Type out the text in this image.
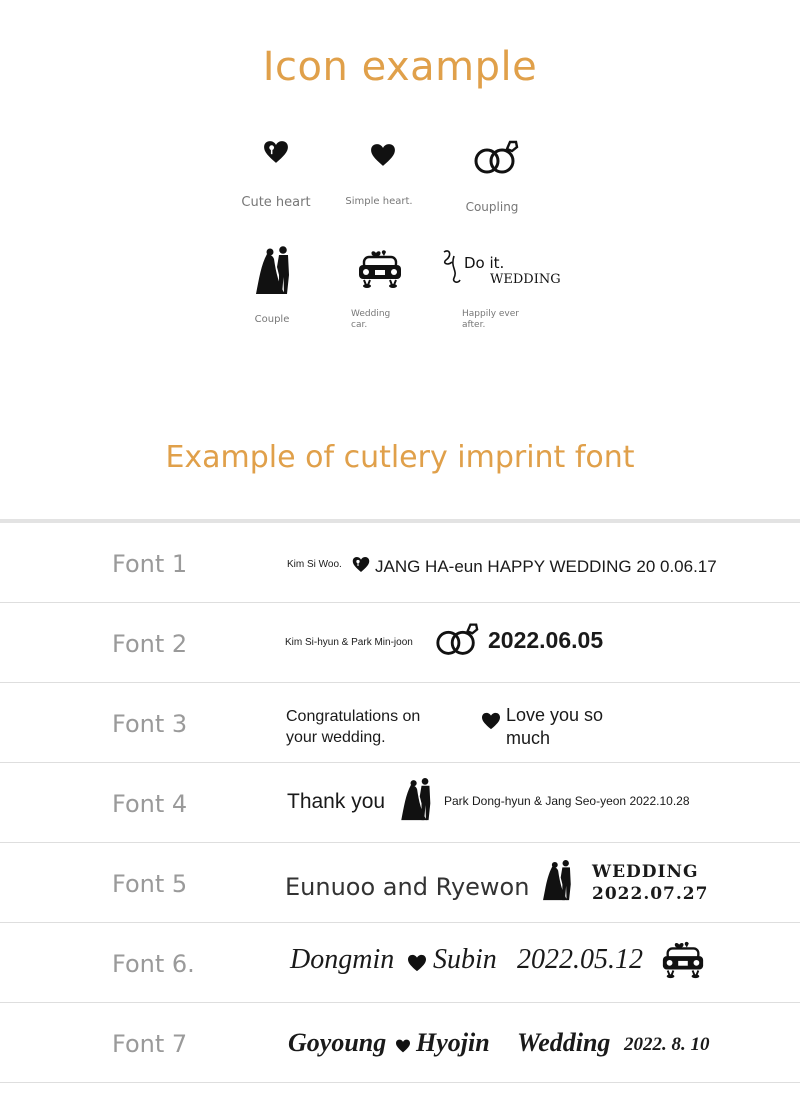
Icon example
Cute heart	Simple heart.	Coupling
Couple	Wedding
car.
Do it.
WEDDING
Happily ever
after.
Example of cutlery imprint font
Font 1	Kim Si Woo. JANG HA-eun HAPPY WEDDING 20 0.06.17
Font 2	Kim Si-hyun & Park Min-joon	2022.06.05
Font 3	Congratulations on
your wedding.
Love you so
much
Font 4	Thank you	Park Dong-hyun & Jang Seo-yeon 2022.10.28
Font 5	Eunuoo and Ryewon
WEDDING
2022.07.27
Font 6.	Dongmin Subin 2022.05.12
Font 7	Goyoung Hyojin Wedding 2022. 8. 10
